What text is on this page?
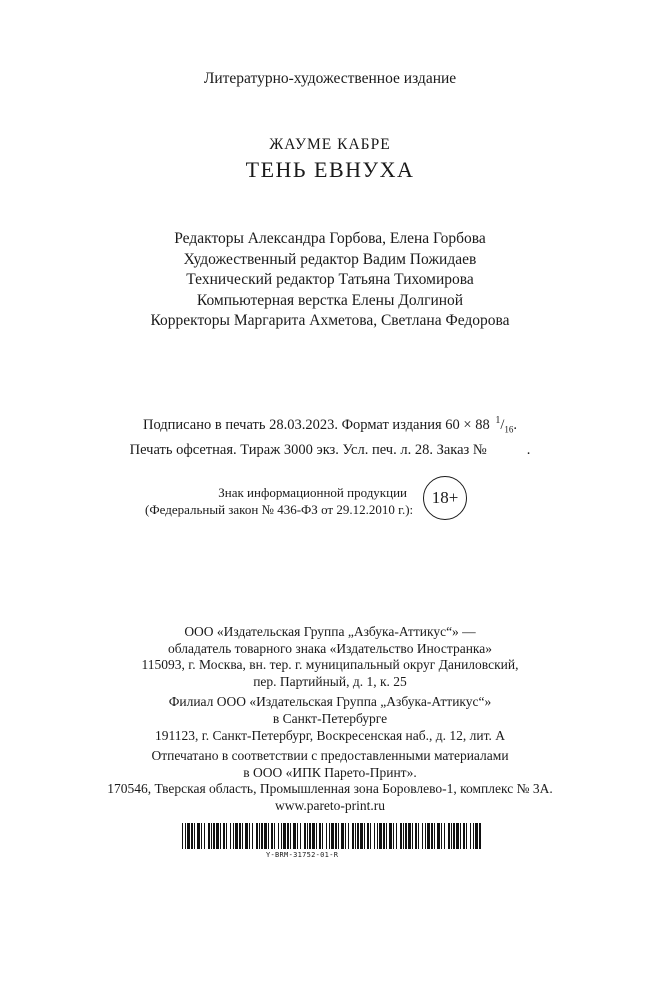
Литературно-художественное издание
ЖАУМЕ КАБРЕ
ТЕНЬ ЕВНУХА
Редакторы Александра Горбова, Елена Горбова
Художественный редактор Вадим Пожидаев
Технический редактор Татьяна Тихомирова
Компьютерная верстка Елены Долгиной
Корректоры Маргарита Ахметова, Светлана Федорова
Подписано в печать 28.03.2023. Формат издания 60 × 88 $^1/_{16}$.
Печать офсетная. Тираж 3000 экз. Усл. печ. л. 28. Заказ №	.
Знак информационной продукции
(Федеральный закон № 436-ФЗ от 29.12.2010 г.):
18+
ООО «Издательская Группа „Азбука-Аттикус“» —
обладатель товарного знака «Издательство Иностранка»
115093, г. Москва, вн. тер. г. муниципальный округ Даниловский,
пер. Партийный, д. 1, к. 25
Филиал ООО «Издательская Группа „Азбука-Аттикус“»
в Санкт-Петербурге
191123, г. Санкт-Петербург, Воскресенская наб., д. 12, лит. А
Отпечатано в соответствии с предоставленными материалами
в ООО «ИПК Парето-Принт».
170546, Тверская область, Промышленная зона Боровлево-1, комплекс № 3А.
www.pareto-print.ru
Y-BRM-31752-01-R
